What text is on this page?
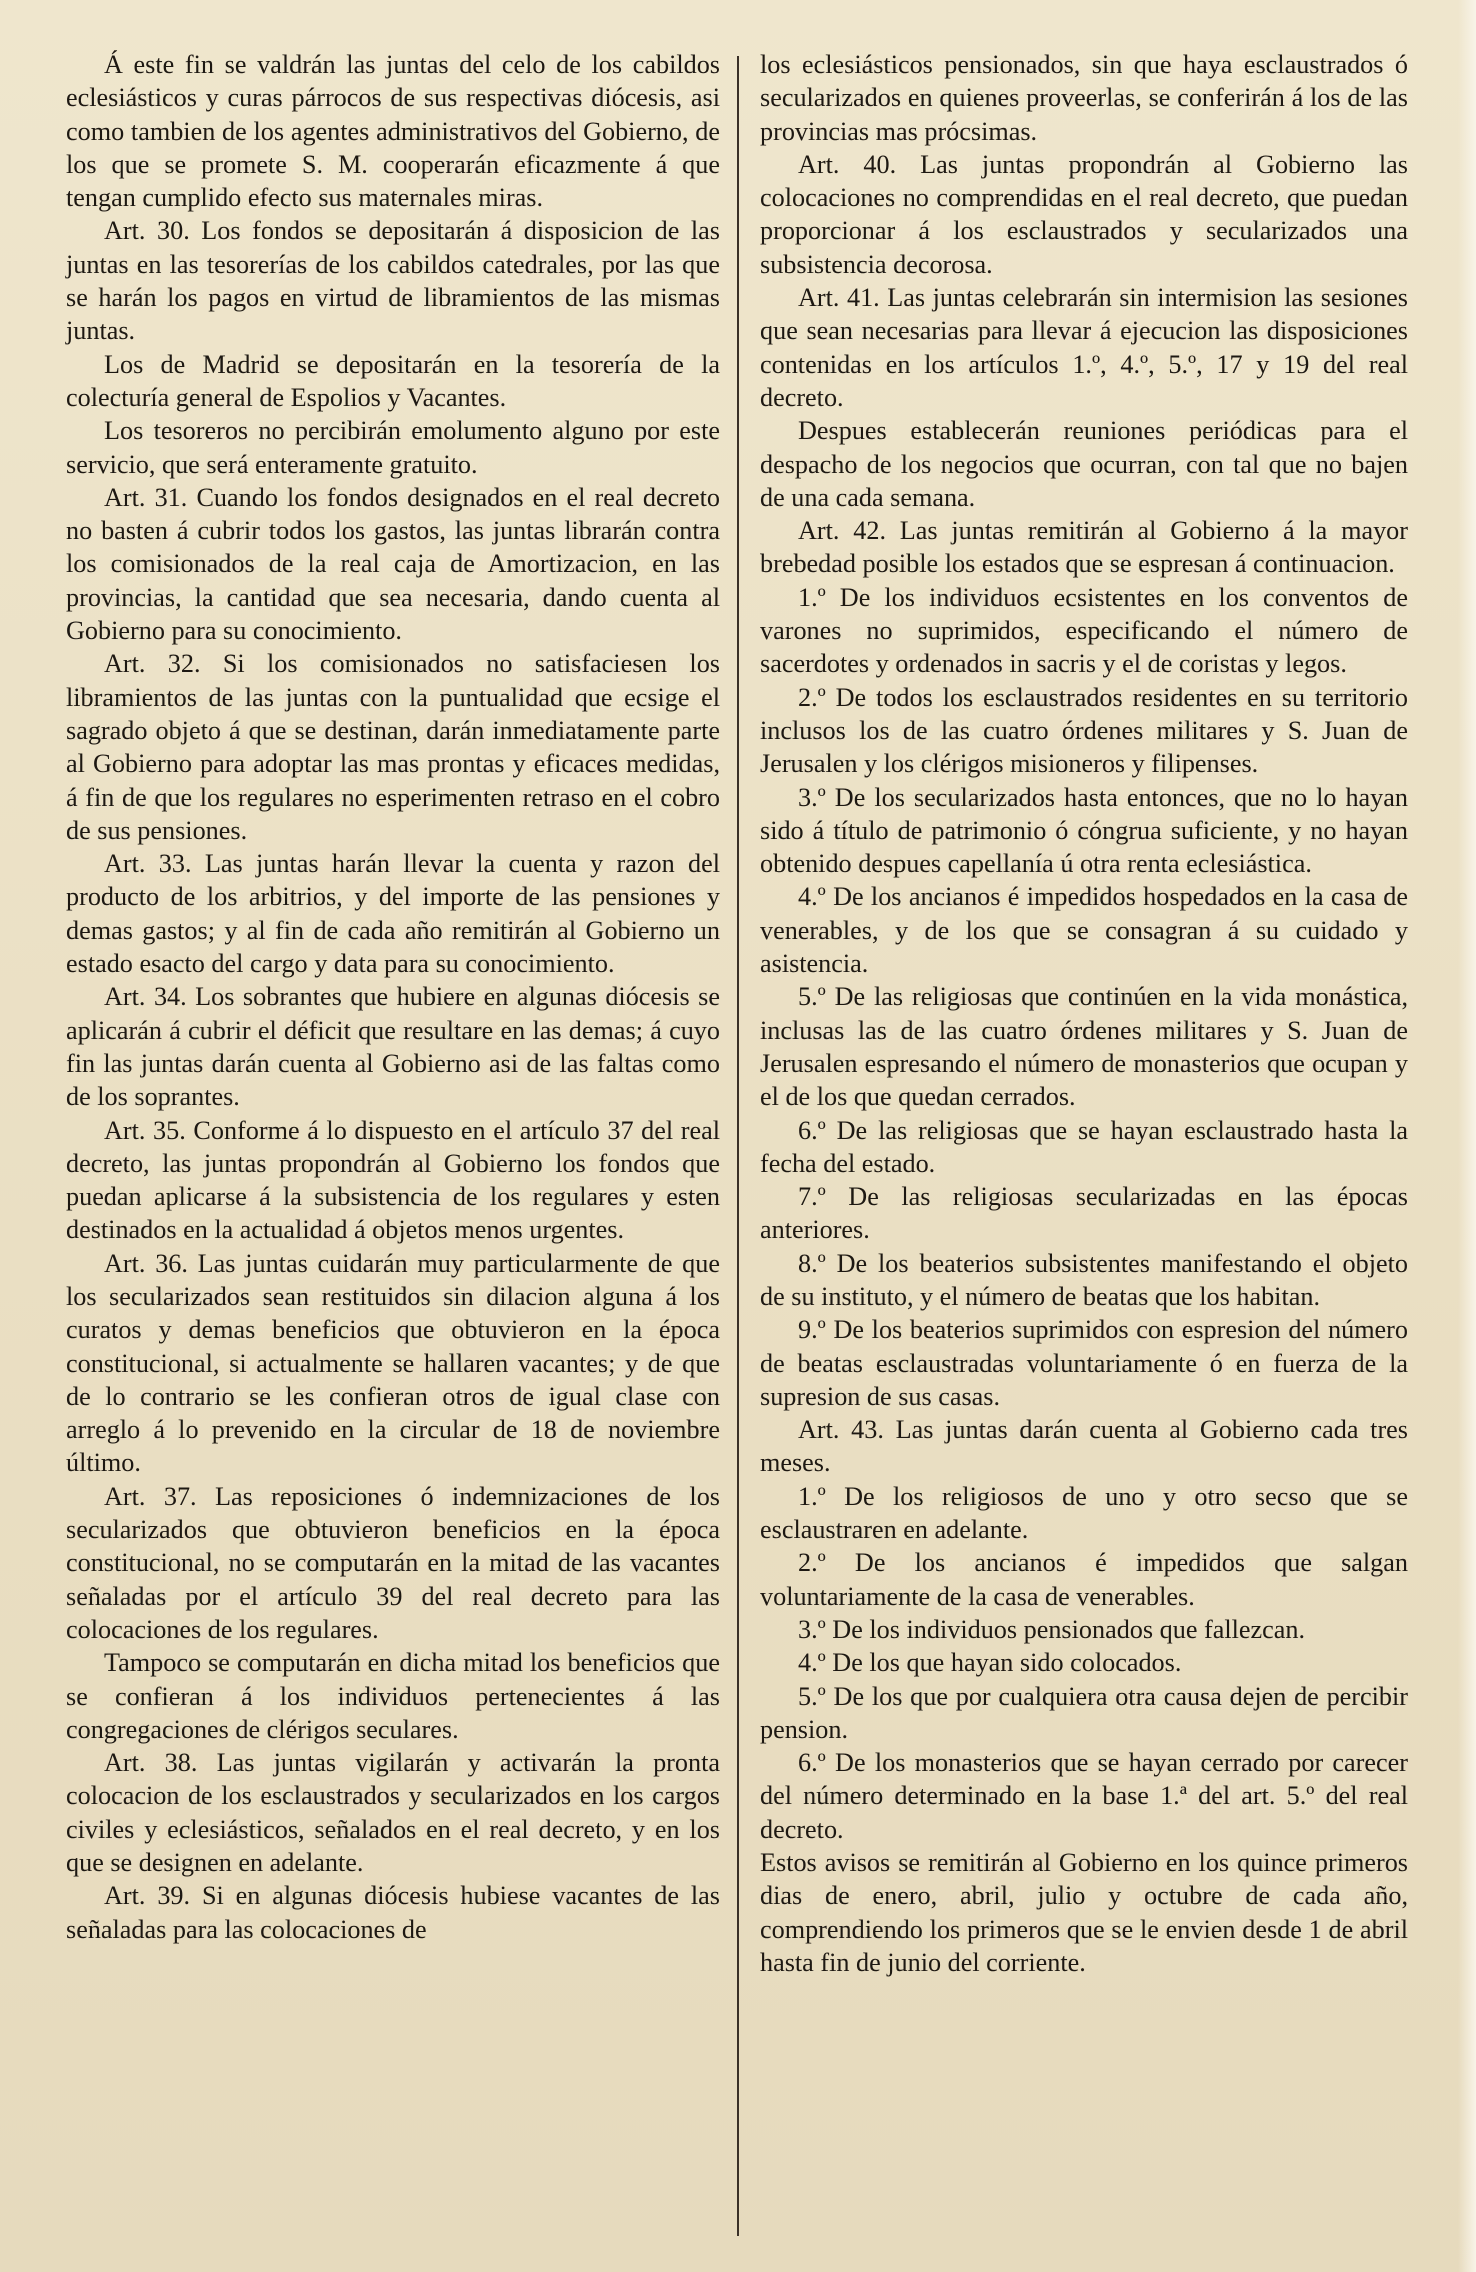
Á este fin se valdrán las juntas del celo de los cabildos eclesiásticos y curas párrocos de sus respectivas diócesis, asi como tambien de los agentes administrativos del Gobierno, de los que se promete S. M. cooperarán eficazmente á que tengan cumplido efecto sus maternales miras.

Art. 30. Los fondos se depositarán á disposicion de las juntas en las tesorerías de los cabildos catedrales, por las que se harán los pagos en virtud de libramientos de las mismas juntas.

Los de Madrid se depositarán en la tesorería de la colecturía general de Espolios y Vacantes.

Los tesoreros no percibirán emolumento alguno por este servicio, que será enteramente gratuito.

Art. 31. Cuando los fondos designados en el real decreto no basten á cubrir todos los gastos, las juntas librarán contra los comisionados de la real caja de Amortizacion, en las provincias, la cantidad que sea necesaria, dando cuenta al Gobierno para su conocimiento.

Art. 32. Si los comisionados no satisfaciesen los libramientos de las juntas con la puntualidad que ecsige el sagrado objeto á que se destinan, darán inmediatamente parte al Gobierno para adoptar las mas prontas y eficaces medidas, á fin de que los regulares no esperimenten retraso en el cobro de sus pensiones.

Art. 33. Las juntas harán llevar la cuenta y razon del producto de los arbitrios, y del importe de las pensiones y demas gastos; y al fin de cada año remitirán al Gobierno un estado esacto del cargo y data para su conocimiento.

Art. 34. Los sobrantes que hubiere en algunas diócesis se aplicarán á cubrir el déficit que resultare en las demas; á cuyo fin las juntas darán cuenta al Gobierno asi de las faltas como de los soprantes.

Art. 35. Conforme á lo dispuesto en el artículo 37 del real decreto, las juntas propondrán al Gobierno los fondos que puedan aplicarse á la subsistencia de los regulares y esten destinados en la actualidad á objetos menos urgentes.

Art. 36. Las juntas cuidarán muy particularmente de que los secularizados sean restituidos sin dilacion alguna á los curatos y demas beneficios que obtuvieron en la época constitucional, si actualmente se hallaren vacantes; y de que de lo contrario se les confieran otros de igual clase con arreglo á lo prevenido en la circular de 18 de noviembre último.

Art. 37. Las reposiciones ó indemnizaciones de los secularizados que obtuvieron beneficios en la época constitucional, no se computarán en la mitad de las vacantes señaladas por el artículo 39 del real decreto para las colocaciones de los regulares.

Tampoco se computarán en dicha mitad los beneficios que se confieran á los individuos pertenecientes á las congregaciones de clérigos seculares.

Art. 38. Las juntas vigilarán y activarán la pronta colocacion de los esclaustrados y secularizados en los cargos civiles y eclesiásticos, señalados en el real decreto, y en los que se designen en adelante.

Art. 39. Si en algunas diócesis hubiese vacantes de las señaladas para las colocaciones de

los eclesiásticos pensionados, sin que haya esclaustrados ó secularizados en quienes proveerlas, se conferirán á los de las provincias mas prócsimas.

Art. 40. Las juntas propondrán al Gobierno las colocaciones no comprendidas en el real decreto, que puedan proporcionar á los esclaustrados y secularizados una subsistencia decorosa.

Art. 41. Las juntas celebrarán sin intermision las sesiones que sean necesarias para llevar á ejecucion las disposiciones contenidas en los artículos 1.º, 4.º, 5.º, 17 y 19 del real decreto.

Despues establecerán reuniones periódicas para el despacho de los negocios que ocurran, con tal que no bajen de una cada semana.

Art. 42. Las juntas remitirán al Gobierno á la mayor brebedad posible los estados que se espresan á continuacion.

1.º De los individuos ecsistentes en los conventos de varones no suprimidos, especificando el número de sacerdotes y ordenados in sacris y el de coristas y legos.

2.º De todos los esclaustrados residentes en su territorio inclusos los de las cuatro órdenes militares y S. Juan de Jerusalen y los clérigos misioneros y filipenses.

3.º De los secularizados hasta entonces, que no lo hayan sido á título de patrimonio ó cóngrua suficiente, y no hayan obtenido despues capellanía ú otra renta eclesiástica.

4.º De los ancianos é impedidos hospedados en la casa de venerables, y de los que se consagran á su cuidado y asistencia.

5.º De las religiosas que continúen en la vida monástica, inclusas las de las cuatro órdenes militares y S. Juan de Jerusalen espresando el número de monasterios que ocupan y el de los que quedan cerrados.

6.º De las religiosas que se hayan esclaustrado hasta la fecha del estado.

7.º De las religiosas secularizadas en las épocas anteriores.

8.º De los beaterios subsistentes manifestando el objeto de su instituto, y el número de beatas que los habitan.

9.º De los beaterios suprimidos con espresion del número de beatas esclaustradas voluntariamente ó en fuerza de la supresion de sus casas.

Art. 43. Las juntas darán cuenta al Gobierno cada tres meses.

1.º De los religiosos de uno y otro secso que se esclaustraren en adelante.

2.º De los ancianos é impedidos que salgan voluntariamente de la casa de venerables.

3.º De los individuos pensionados que fallezcan.

4.º De los que hayan sido colocados.

5.º De los que por cualquiera otra causa dejen de percibir pension.

6.º De los monasterios que se hayan cerrado por carecer del número determinado en la base 1.ª del art. 5.º del real decreto.

Estos avisos se remitirán al Gobierno en los quince primeros dias de enero, abril, julio y octubre de cada año, comprendiendo los primeros que se le envien desde 1 de abril hasta fin de junio del corriente.
